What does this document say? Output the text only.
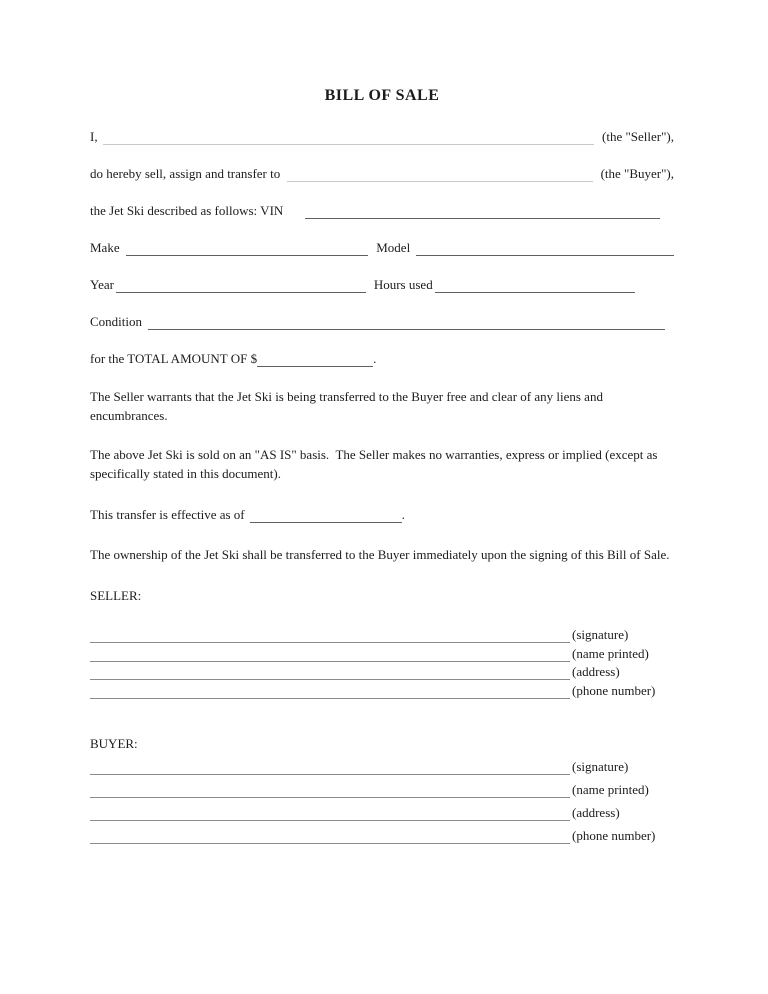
BILL OF SALE
I,	(the "Seller"),
do hereby sell, assign and transfer to	(the "Buyer"),
the Jet Ski described as follows: VIN
Make	Model
Year	Hours used
Condition
for the TOTAL AMOUNT OF $	.

The Seller warrants that the Jet Ski is being transferred to the Buyer free and clear of any liens and encumbrances.

The above Jet Ski is sold on an "AS IS" basis.  The Seller makes no warranties, express or implied (except as specifically stated in this document).

This transfer is effective as of	.

The ownership of the Jet Ski shall be transferred to the Buyer immediately upon the signing of this Bill of Sale.

SELLER:
(signature)
(name printed)
(address)
(phone number)
BUYER:
(signature)
(name printed)
(address)
(phone number)
